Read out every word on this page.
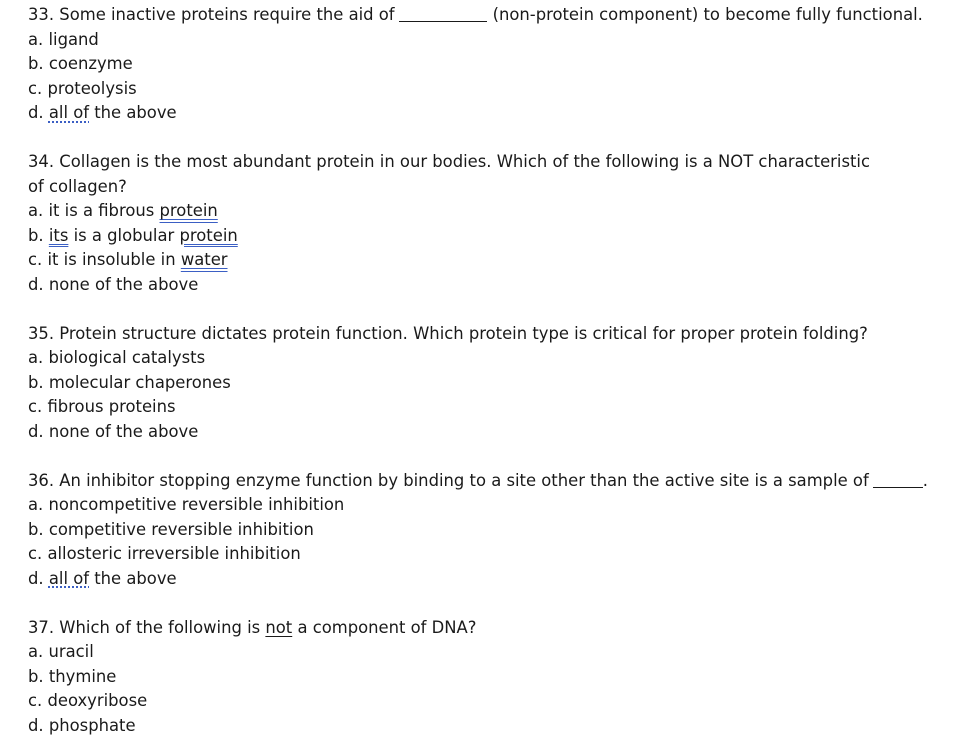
33. Some inactive proteins require the aid of	(non-protein component) to become fully functional.
a. ligand
b. coenzyme
c. proteolysis
d. all of the above
34. Collagen is the most abundant protein in our bodies. Which of the following is a NOT characteristic of collagen?
a. it is a fibrous protein
b. its is a globular protein
c. it is insoluble in water
d. none of the above
35. Protein structure dictates protein function. Which protein type is critical for proper protein folding?
a. biological catalysts
b. molecular chaperones
c. fibrous proteins
d. none of the above
36. An inhibitor stopping enzyme function by binding to a site other than the active site is a sample of	.
a. noncompetitive reversible inhibition
b. competitive reversible inhibition
c. allosteric irreversible inhibition
d. all of the above
37. Which of the following is not a component of DNA?
a. uracil
b. thymine
c. deoxyribose
d. phosphate
